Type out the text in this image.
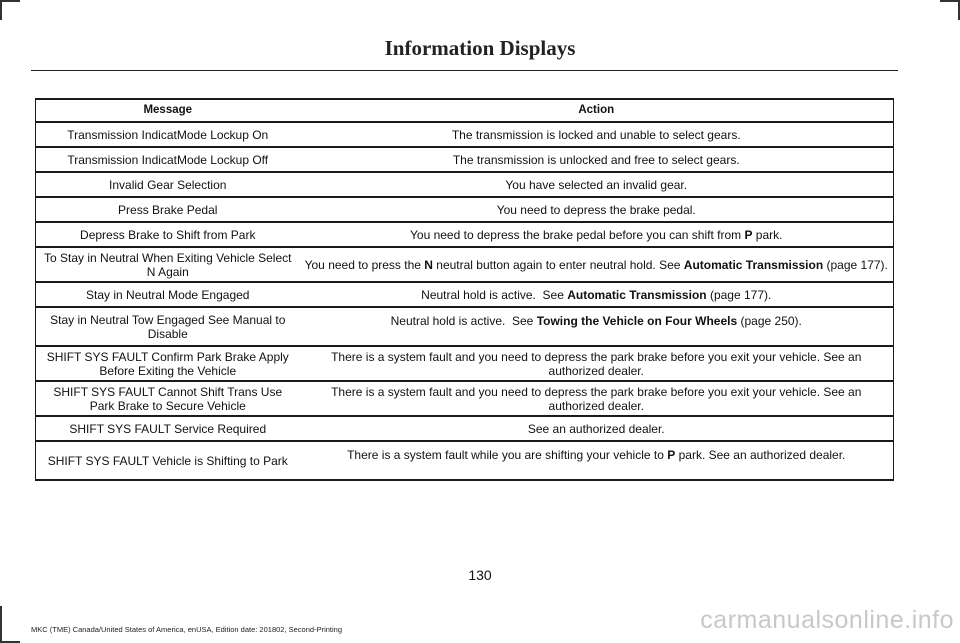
Information Displays
Message	Action
Transmission IndicatMode Lockup On	The transmission is locked and unable to select gears.
Transmission IndicatMode Lockup Off	The transmission is unlocked and free to select gears.
Invalid Gear Selection	You have selected an invalid gear.
Press Brake Pedal	You need to depress the brake pedal.
Depress Brake to Shift from Park	You need to depress the brake pedal before you can shift from P park.
To Stay in Neutral When Exiting Vehicle Select N Again	You need to press the N neutral button again to enter neutral hold. See Automatic Transmission (page 177).
Stay in Neutral Mode Engaged	Neutral hold is active.  See Automatic Transmission (page 177).
Stay in Neutral Tow Engaged See Manual to Disable	Neutral hold is active.  See Towing the Vehicle on Four Wheels (page 250).
SHIFT SYS FAULT Confirm Park Brake Apply Before Exiting the Vehicle	There is a system fault and you need to depress the park brake before you exit your vehicle. See an authorized dealer.
SHIFT SYS FAULT Cannot Shift Trans Use Park Brake to Secure Vehicle	There is a system fault and you need to depress the park brake before you exit your vehicle. See an authorized dealer.
SHIFT SYS FAULT Service Required	See an authorized dealer.
SHIFT SYS FAULT Vehicle is Shifting to Park	There is a system fault while you are shifting your vehicle to P park. See an authorized dealer.
130
MKC (TME) Canada/United States of America, enUSA, Edition date: 201802, Second-Printing	carmanualsonline.info
